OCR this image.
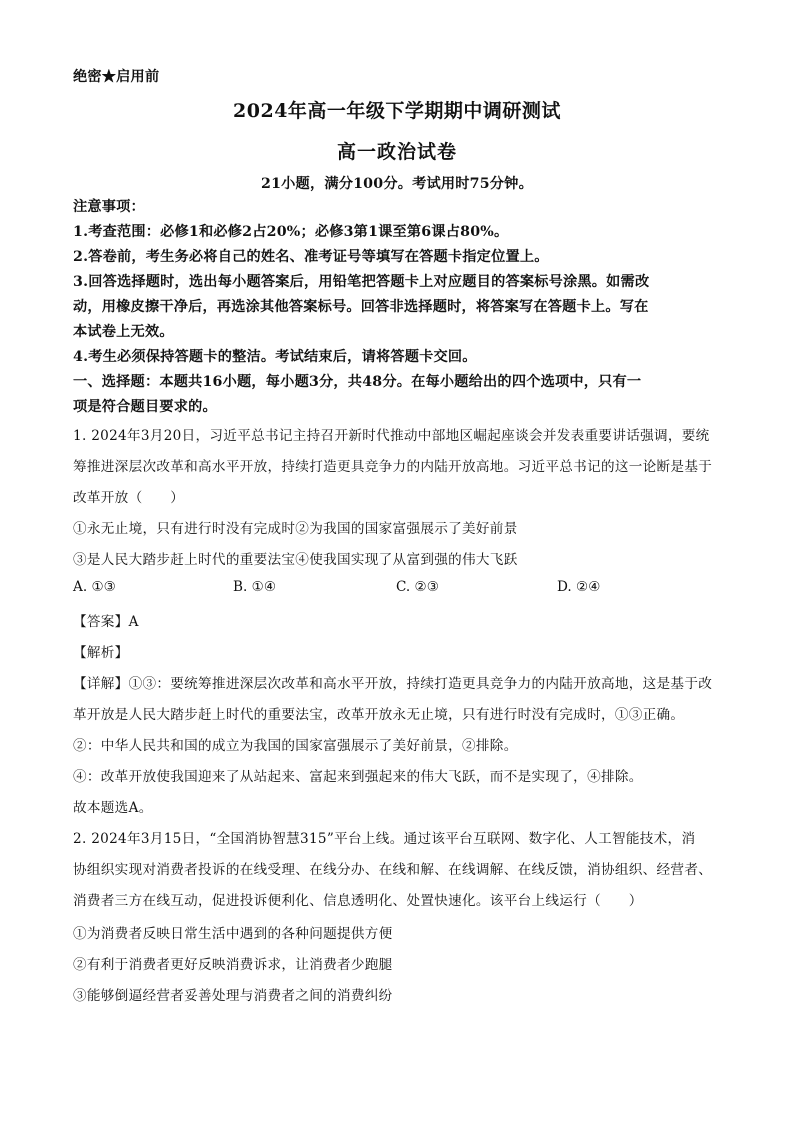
绝密★启用前
2024年高一年级下学期期中调研测试
高一政治试卷
21小题，满分100分。考试用时75分钟。
注意事项：
1.考查范围：必修1和必修2占20%；必修3第1课至第6课占80%。
2.答卷前，考生务必将自己的姓名、准考证号等填写在答题卡指定位置上。
3.回答选择题时，选出每小题答案后，用铅笔把答题卡上对应题目的答案标号涂黑。如需改
动，用橡皮擦干净后，再选涂其他答案标号。回答非选择题时，将答案写在答题卡上。写在
本试卷上无效。
4.考生必须保持答题卡的整洁。考试结束后，请将答题卡交回。
一、选择题：本题共16小题，每小题3分，共48分。在每小题给出的四个选项中，只有一
项是符合题目要求的。
1. 2024年3月20日，习近平总书记主持召开新时代推动中部地区崛起座谈会并发表重要讲话强调，要统
筹推进深层次改革和高水平开放，持续打造更具竞争力的内陆开放高地。习近平总书记的这一论断是基于
改革开放（　　）
①永无止境，只有进行时没有完成时②为我国的国家富强展示了美好前景
③是人民大踏步赶上时代的重要法宝④使我国实现了从富到强的伟大飞跃
A. ①③	B. ①④	C. ②③	D. ②④
【答案】A
【解析】
【详解】①③：要统筹推进深层次改革和高水平开放，持续打造更具竞争力的内陆开放高地，这是基于改
革开放是人民大踏步赶上时代的重要法宝，改革开放永无止境，只有进行时没有完成时，①③正确。
②：中华人民共和国的成立为我国的国家富强展示了美好前景，②排除。
④：改革开放使我国迎来了从站起来、富起来到强起来的伟大飞跃，而不是实现了，④排除。
故本题选A。
2. 2024年3月15日，“全国消协智慧315”平台上线。通过该平台互联网、数字化、人工智能技术，消
协组织实现对消费者投诉的在线受理、在线分办、在线和解、在线调解、在线反馈，消协组织、经营者、
消费者三方在线互动，促进投诉便利化、信息透明化、处置快速化。该平台上线运行（　　）
①为消费者反映日常生活中遇到的各种问题提供方便
②有利于消费者更好反映消费诉求，让消费者少跑腿
③能够倒逼经营者妥善处理与消费者之间的消费纠纷
